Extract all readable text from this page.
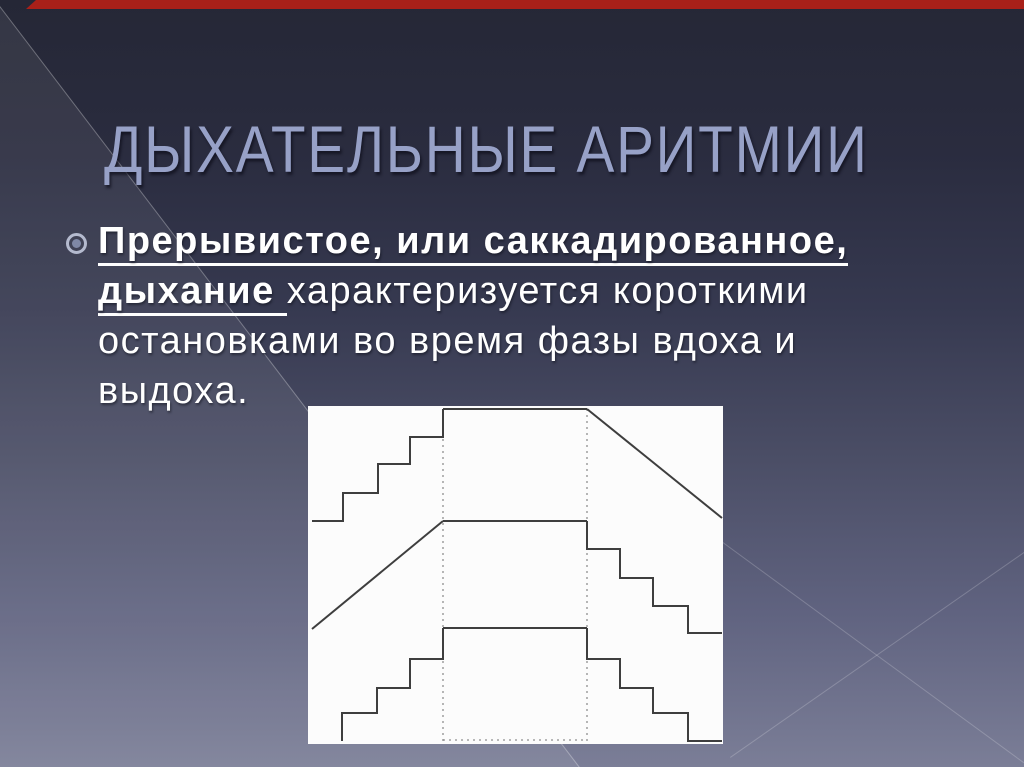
ДЫХАТЕЛЬНЫЕ АРИТМИИ
Прерывистое, или саккадированное,
дыхание характеризуется короткими
остановками во время фазы вдоха и
выдоха.
